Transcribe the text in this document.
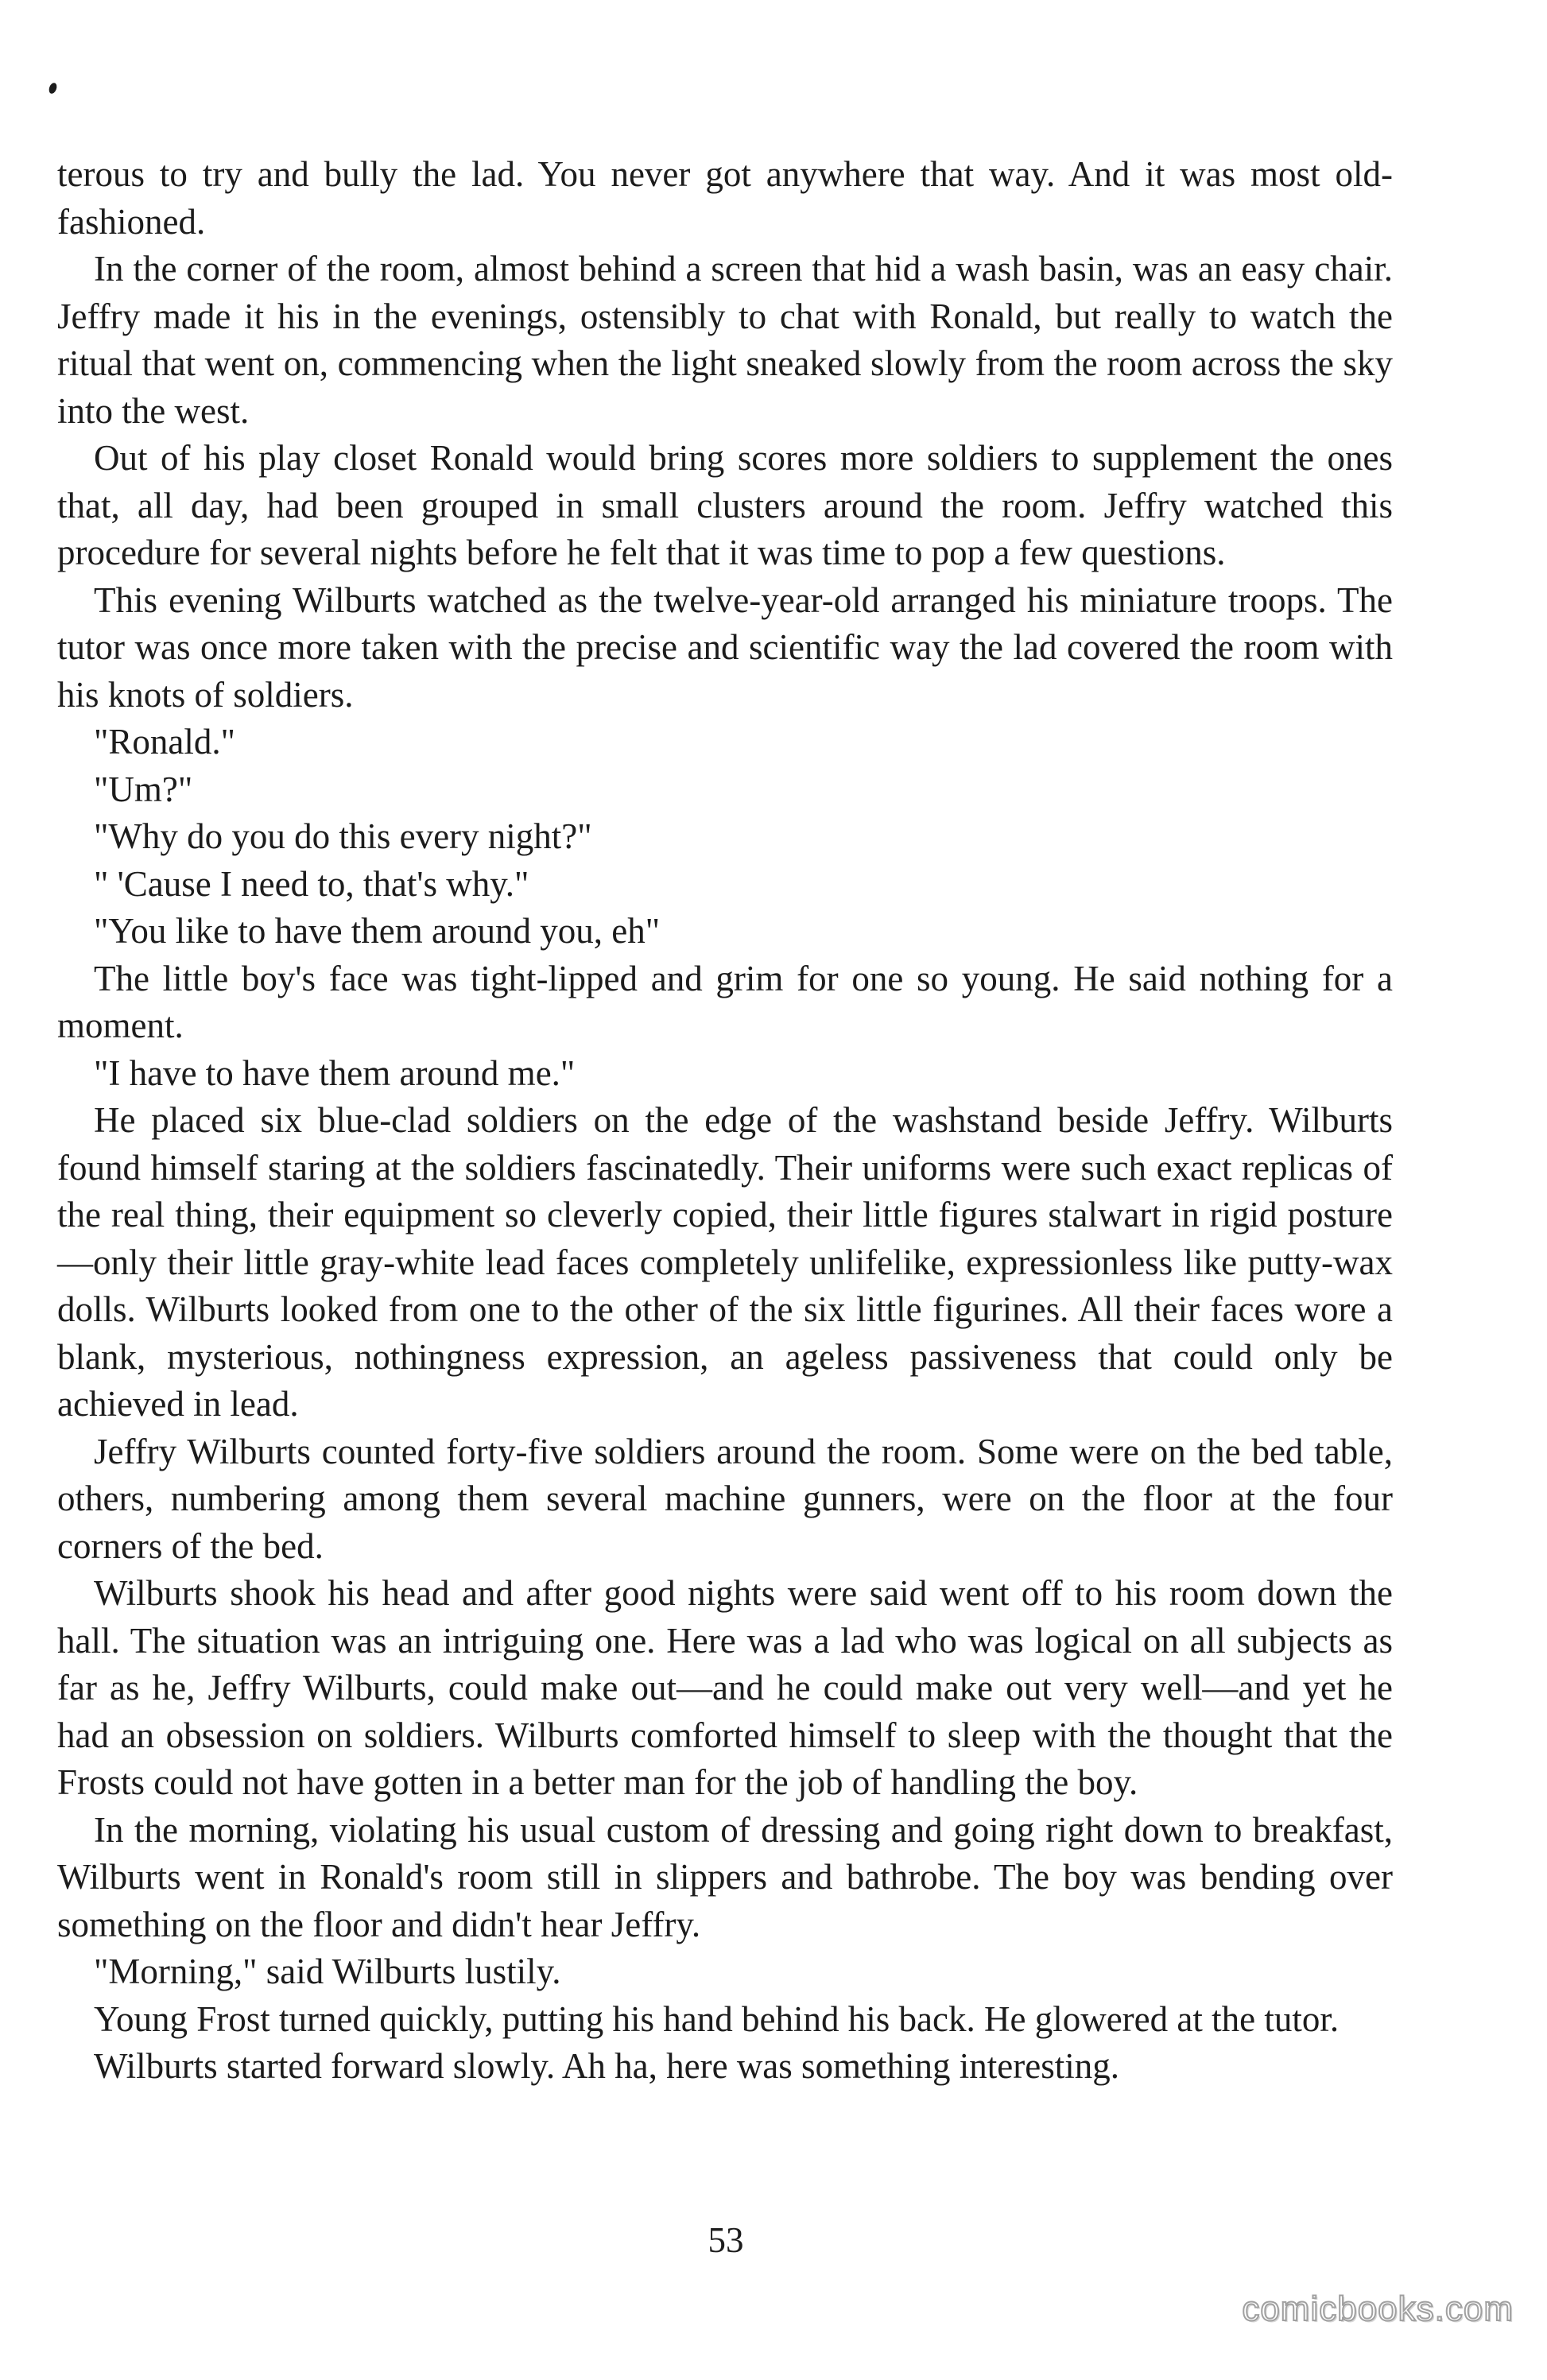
terous to try and bully the lad. You never got anywhere that way. And it was most old-fashioned.

In the corner of the room, almost behind a screen that hid a wash basin, was an easy chair. Jeffry made it his in the evenings, ostensibly to chat with Ronald, but really to watch the ritual that went on, commencing when the light sneaked slowly from the room across the sky into the west.

Out of his play closet Ronald would bring scores more soldiers to supplement the ones that, all day, had been grouped in small clusters around the room. Jeffry watched this procedure for several nights before he felt that it was time to pop a few questions.

This evening Wilburts watched as the twelve-year-old arranged his miniature troops. The tutor was once more taken with the precise and scientific way the lad covered the room with his knots of soldiers.

"Ronald."

"Um?"

"Why do you do this every night?"

" 'Cause I need to, that's why."

"You like to have them around you, eh"

The little boy's face was tight-lipped and grim for one so young. He said nothing for a moment.

"I have to have them around me."

He placed six blue-clad soldiers on the edge of the washstand beside Jeffry. Wilburts found himself staring at the soldiers fascinatedly. Their uniforms were such exact replicas of the real thing, their equipment so cleverly copied, their little figures stalwart in rigid posture—only their little gray-white lead faces completely unlifelike, expressionless like putty-wax dolls. Wilburts looked from one to the other of the six little figurines. All their faces wore a blank, mysterious, nothingness expression, an ageless passiveness that could only be achieved in lead.

Jeffry Wilburts counted forty-five soldiers around the room. Some were on the bed table, others, numbering among them several machine gunners, were on the floor at the four corners of the bed.

Wilburts shook his head and after good nights were said went off to his room down the hall. The situation was an intriguing one. Here was a lad who was logical on all subjects as far as he, Jeffry Wilburts, could make out—and he could make out very well—and yet he had an obsession on soldiers. Wilburts comforted himself to sleep with the thought that the Frosts could not have gotten in a better man for the job of handling the boy.

In the morning, violating his usual custom of dressing and going right down to breakfast, Wilburts went in Ronald's room still in slippers and bathrobe. The boy was bending over something on the floor and didn't hear Jeffry.

"Morning," said Wilburts lustily.

Young Frost turned quickly, putting his hand behind his back. He glowered at the tutor.

Wilburts started forward slowly. Ah ha, here was something interesting.

53
comicbooks.com
